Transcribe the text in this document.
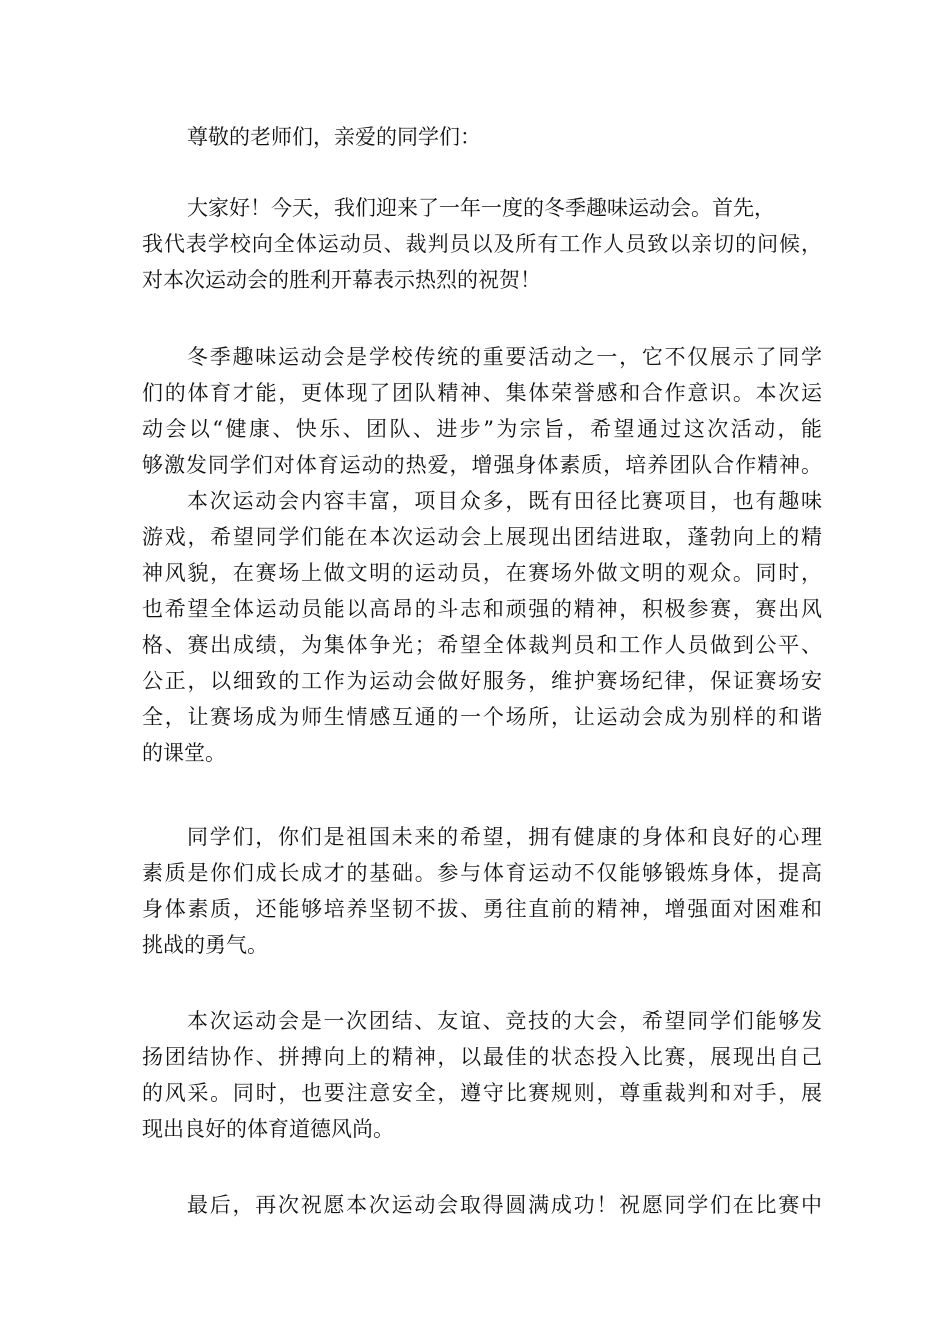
尊敬的老师们，亲爱的同学们：
大家好！今天，我们迎来了一年一度的冬季趣味运动会。首先，
我代表学校向全体运动员、裁判员以及所有工作人员致以亲切的问候，
对本次运动会的胜利开幕表示热烈的祝贺！
冬季趣味运动会是学校传统的重要活动之一，它不仅展示了同学
们的体育才能，更体现了团队精神、集体荣誉感和合作意识。本次运
动会以“健康、快乐、团队、进步”为宗旨，希望通过这次活动，能
够激发同学们对体育运动的热爱，增强身体素质，培养团队合作精神。
本次运动会内容丰富，项目众多，既有田径比赛项目，也有趣味
游戏，希望同学们能在本次运动会上展现出团结进取，蓬勃向上的精
神风貌，在赛场上做文明的运动员，在赛场外做文明的观众。同时，
也希望全体运动员能以高昂的斗志和顽强的精神，积极参赛，赛出风
格、赛出成绩，为集体争光；希望全体裁判员和工作人员做到公平、
公正，以细致的工作为运动会做好服务，维护赛场纪律，保证赛场安
全，让赛场成为师生情感互通的一个场所，让运动会成为别样的和谐
的课堂。
同学们，你们是祖国未来的希望，拥有健康的身体和良好的心理
素质是你们成长成才的基础。参与体育运动不仅能够锻炼身体，提高
身体素质，还能够培养坚韧不拔、勇往直前的精神，增强面对困难和
挑战的勇气。
本次运动会是一次团结、友谊、竞技的大会，希望同学们能够发
扬团结协作、拼搏向上的精神，以最佳的状态投入比赛，展现出自己
的风采。同时，也要注意安全，遵守比赛规则，尊重裁判和对手，展
现出良好的体育道德风尚。
最后，再次祝愿本次运动会取得圆满成功！祝愿同学们在比赛中
